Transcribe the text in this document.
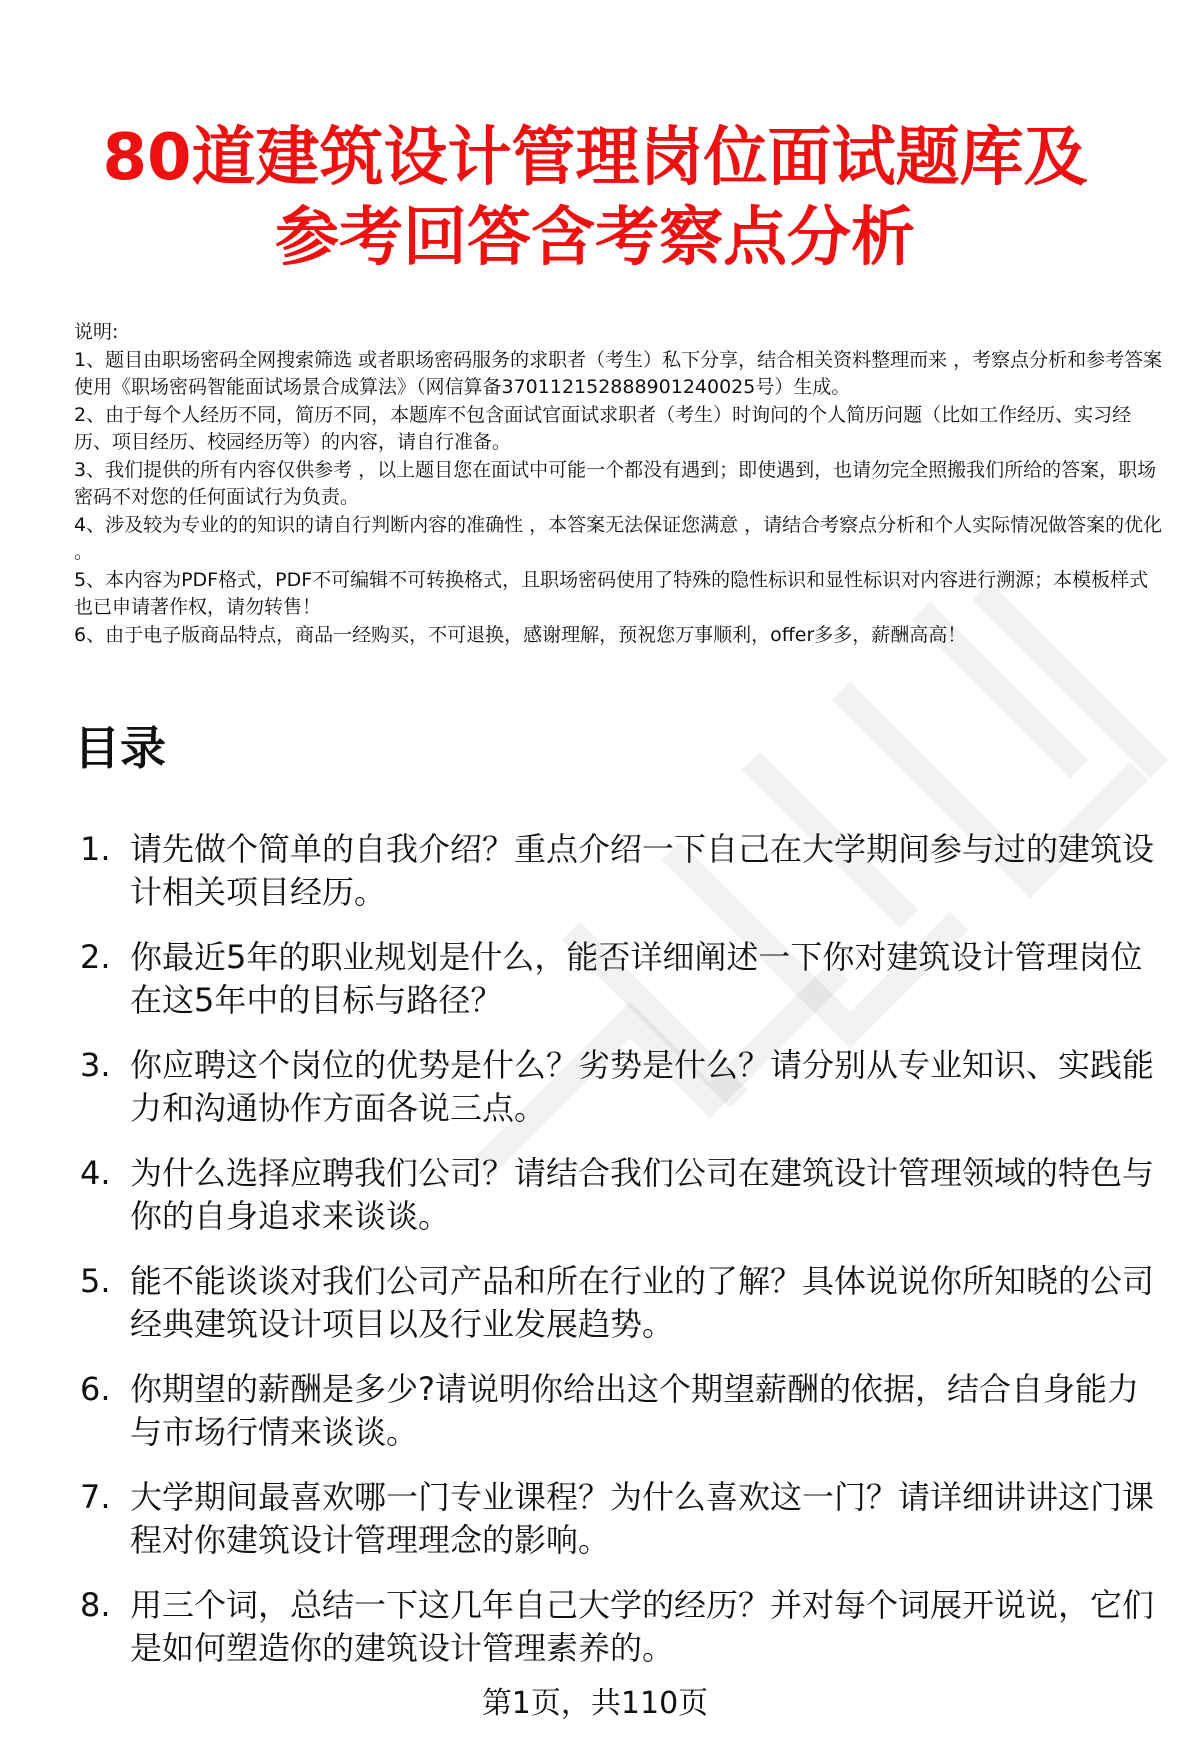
80道建筑设计管理岗位面试题库及
参考回答含考察点分析

说明:

1、题目由职场密码全网搜索筛选 或者职场密码服务的求职者（考生）私下分享，结合相关资料整理而来 ，考察点分析和参考答案使用《职场密码智能面试场景合成算法》（网信算备370112152888901240025号）生成。

2、由于每个人经历不同，简历不同，本题库不包含面试官面试求职者（考生）时询问的个人简历问题（比如工作经历、实习经历、项目经历、校园经历等）的内容，请自行准备。

3、我们提供的所有内容仅供参考 ，以上题目您在面试中可能一个都没有遇到；即使遇到，也请勿完全照搬我们所给的答案，职场密码不对您的任何面试行为负责。

4、涉及较为专业的的知识的请自行判断内容的准确性 ，本答案无法保证您满意 ，请结合考察点分析和个人实际情况做答案的优化 。

5、本内容为PDF格式，PDF不可编辑不可转换格式，且职场密码使用了特殊的隐性标识和显性标识对内容进行溯源；本模板样式也已申请著作权，请勿转售！

6、由于电子版商品特点，商品一经购买，不可退换，感谢理解，预祝您万事顺利，offer多多，薪酬高高！

目录
1. 请先做个简单的自我介绍？重点介绍一下自己在大学期间参与过的建筑设计相关项目经历。
2. 你最近5年的职业规划是什么，能否详细阐述一下你对建筑设计管理岗位在这5年中的目标与路径？
3. 你应聘这个岗位的优势是什么？劣势是什么？请分别从专业知识、实践能力和沟通协作方面各说三点。
4. 为什么选择应聘我们公司？请结合我们公司在建筑设计管理领域的特色与你的自身追求来谈谈。
5. 能不能谈谈对我们公司产品和所在行业的了解？具体说说你所知晓的公司经典建筑设计项目以及行业发展趋势。
6. 你期望的薪酬是多少?请说明你给出这个期望薪酬的依据，结合自身能力与市场行情来谈谈。
7. 大学期间最喜欢哪一门专业课程？为什么喜欢这一门？请详细讲讲这门课程对你建筑设计管理理念的影响。
8. 用三个词，总结一下这几年自己大学的经历？并对每个词展开说说，它们是如何塑造你的建筑设计管理素养的。
第1页，共110页
